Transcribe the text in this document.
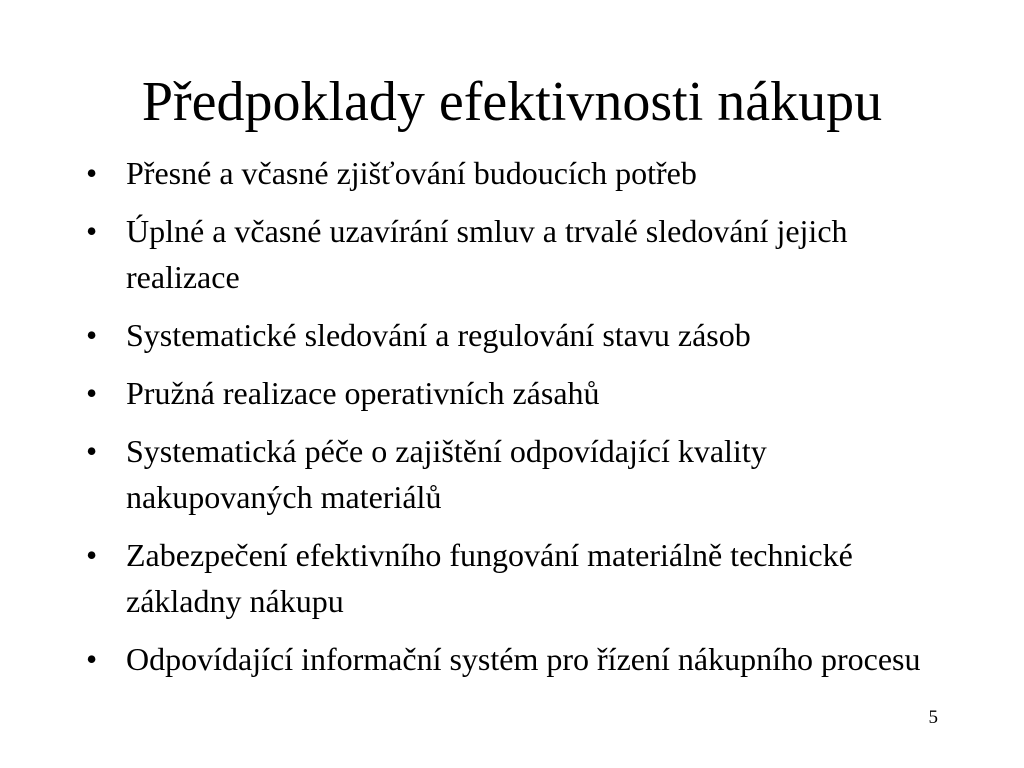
Předpoklady efektivnosti nákupu
• Přesné a včasné zjišťování budoucích potřeb
• Úplné a včasné uzavírání smluv a trvalé sledování jejich realizace
• Systematické sledování a regulování stavu zásob
• Pružná realizace operativních zásahů
• Systematická péče o zajištění odpovídající kvality nakupovaných materiálů
• Zabezpečení efektivního fungování materiálně technické základny nákupu
• Odpovídající informační systém pro řízení nákupního procesu
5
